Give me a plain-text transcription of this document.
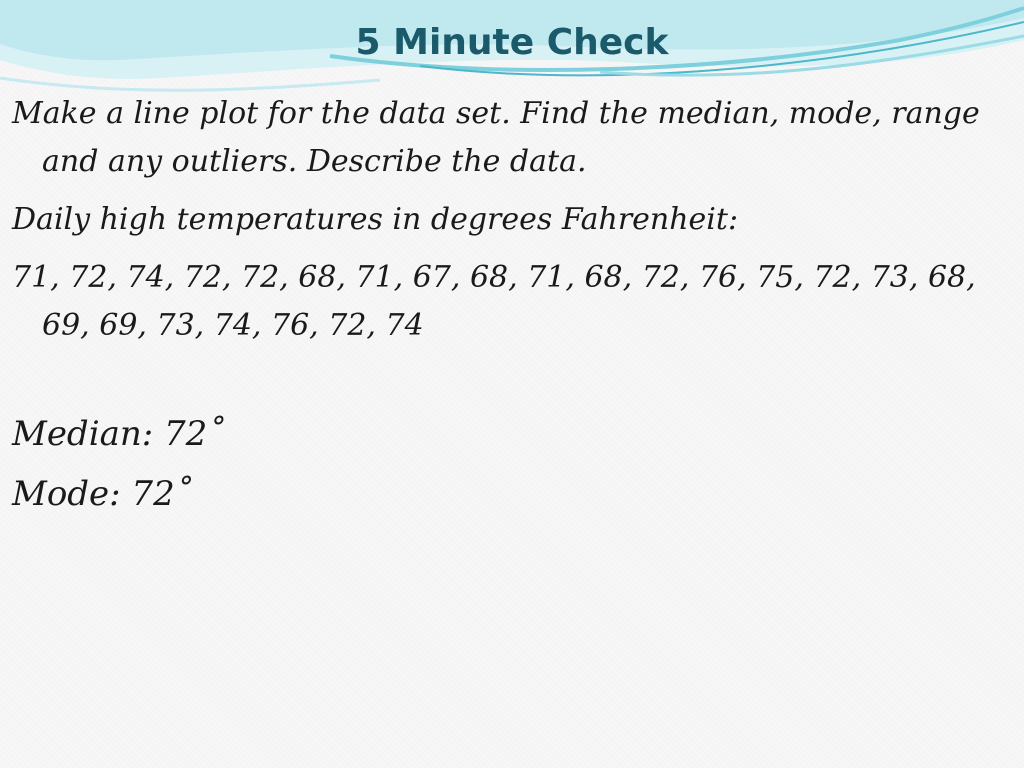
5 Minute Check

Make a line plot for the data set. Find the median, mode, range and any outliers. Describe the data.

Daily high temperatures in degrees Fahrenheit:

71, 72, 74, 72, 72, 68, 71, 67, 68, 71, 68, 72, 76, 75, 72, 73, 68, 69, 69, 73, 74, 76, 72, 74

Median: 72˚

Mode: 72˚
